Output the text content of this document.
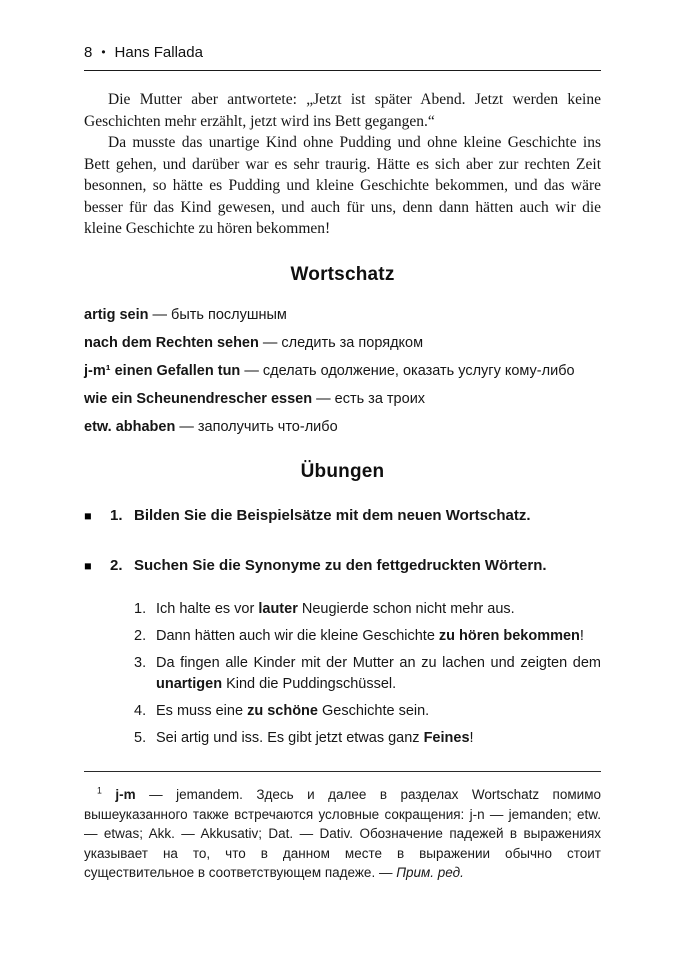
8 • Hans Fallada

Die Mutter aber antwortete: „Jetzt ist später Abend. Jetzt werden keine Geschichten mehr erzählt, jetzt wird ins Bett gegangen.“

Da musste das unartige Kind ohne Pudding und ohne kleine Geschichte ins Bett gehen, und darüber war es sehr traurig. Hätte es sich aber zur rechten Zeit besonnen, so hätte es Pudding und kleine Geschichte bekommen, und das wäre besser für das Kind gewesen, und auch für uns, denn dann hätten auch wir die kleine Geschichte zu hören bekommen!

Wortschatz

artig sein — быть послушным

nach dem Rechten sehen — следить за порядком

j-m¹ einen Gefallen tun — сделать одолжение, оказать услугу кому-либо

wie ein Scheunendrescher essen — есть за троих

etw. abhaben — заполучить что-либо

Übungen
■	1. Bilden Sie die Beispielsätze mit dem neuen Wortschatz.
■	2. Suchen Sie die Synonyme zu den fettgedruckten Wörtern.
1. Ich halte es vor lauter Neugierde schon nicht mehr aus.
2. Dann hätten auch wir die kleine Geschichte zu hören bekommen!
3. Da fingen alle Kinder mit der Mutter an zu lachen und zeigten dem unartigen Kind die Puddingschüssel.
4. Es muss eine zu schöne Geschichte sein.
5. Sei artig und iss. Es gibt jetzt etwas ganz Feines!

$^1$ j-m — jemandem. Здесь и далее в разделах Wortschatz помимо вышеуказанного также встречаются условные сокращения: j-n — jemanden; etw. — etwas; Akk. — Akkusativ; Dat. — Dativ. Обозначение падежей в выражениях указывает на то, что в данном месте в выражении обычно стоит существительное в соответствующем падеже. — Прим. ред.
